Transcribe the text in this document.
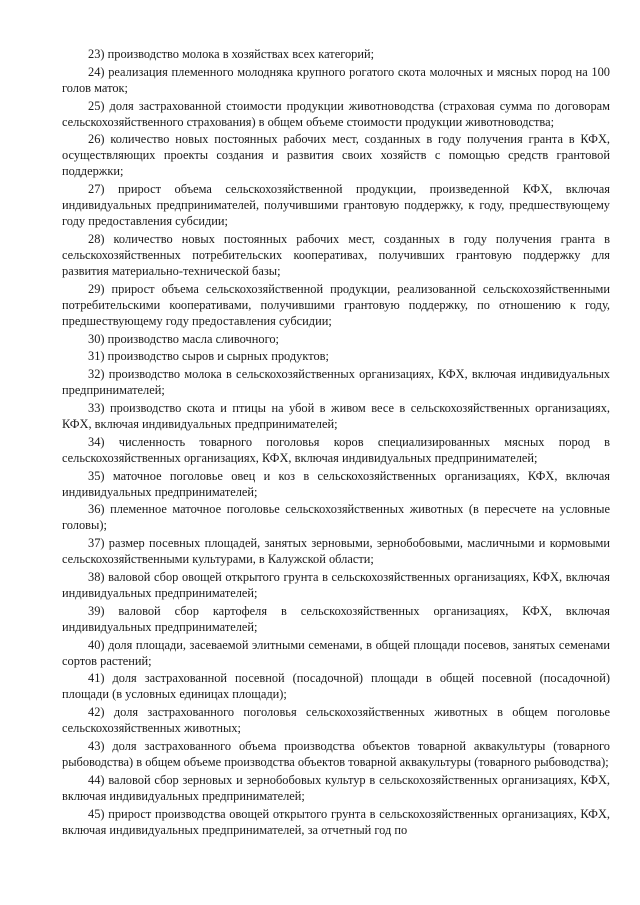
23) производство молока в хозяйствах всех категорий;

24) реализация племенного молодняка крупного рогатого скота молочных и мясных пород на 100 голов маток;

25) доля застрахованной стоимости продукции животноводства (страховая сумма по договорам сельскохозяйственного страхования) в общем объеме стоимости продукции животноводства;

26) количество новых постоянных рабочих мест, созданных в году получения гранта в КФХ, осуществляющих проекты создания и развития своих хозяйств с помощью средств грантовой поддержки;

27) прирост объема сельскохозяйственной продукции, произведенной КФХ, включая индивидуальных предпринимателей, получившими грантовую поддержку, к году, предшествующему году предоставления субсидии;

28) количество новых постоянных рабочих мест, созданных в году получения гранта в сельскохозяйственных потребительских кооперативах, получивших грантовую поддержку для развития материально-технической базы;

29) прирост объема сельскохозяйственной продукции, реализованной сельскохозяйственными потребительскими кооперативами, получившими грантовую поддержку, по отношению к году, предшествующему году предоставления субсидии;

30) производство масла сливочного;

31) производство сыров и сырных продуктов;

32) производство молока в сельскохозяйственных организациях, КФХ, включая индивидуальных предпринимателей;

33) производство скота и птицы на убой в живом весе в сельскохозяйственных организациях, КФХ, включая индивидуальных предпринимателей;

34) численность товарного поголовья коров специализированных мясных пород в сельскохозяйственных организациях, КФХ, включая индивидуальных предпринимателей;

35) маточное поголовье овец и коз в сельскохозяйственных организациях, КФХ, включая индивидуальных предпринимателей;

36) племенное маточное поголовье сельскохозяйственных животных (в пересчете на условные головы);

37) размер посевных площадей, занятых зерновыми, зернобобовыми, масличными и кормовыми сельскохозяйственными культурами, в Калужской области;

38) валовой сбор овощей открытого грунта в сельскохозяйственных организациях, КФХ, включая индивидуальных предпринимателей;

39) валовой сбор картофеля в сельскохозяйственных организациях, КФХ, включая индивидуальных предпринимателей;

40) доля площади, засеваемой элитными семенами, в общей площади посевов, занятых семенами сортов растений;

41) доля застрахованной посевной (посадочной) площади в общей посевной (посадочной) площади (в условных единицах площади);

42) доля застрахованного поголовья сельскохозяйственных животных в общем поголовье сельскохозяйственных животных;

43) доля застрахованного объема производства объектов товарной аквакультуры (товарного рыбоводства) в общем объеме производства объектов товарной аквакультуры (товарного рыбоводства);

44) валовой сбор зерновых и зернобобовых культур в сельскохозяйственных организациях, КФХ, включая индивидуальных предпринимателей;

45) прирост производства овощей открытого грунта в сельскохозяйственных организациях, КФХ, включая индивидуальных предпринимателей, за отчетный год по
